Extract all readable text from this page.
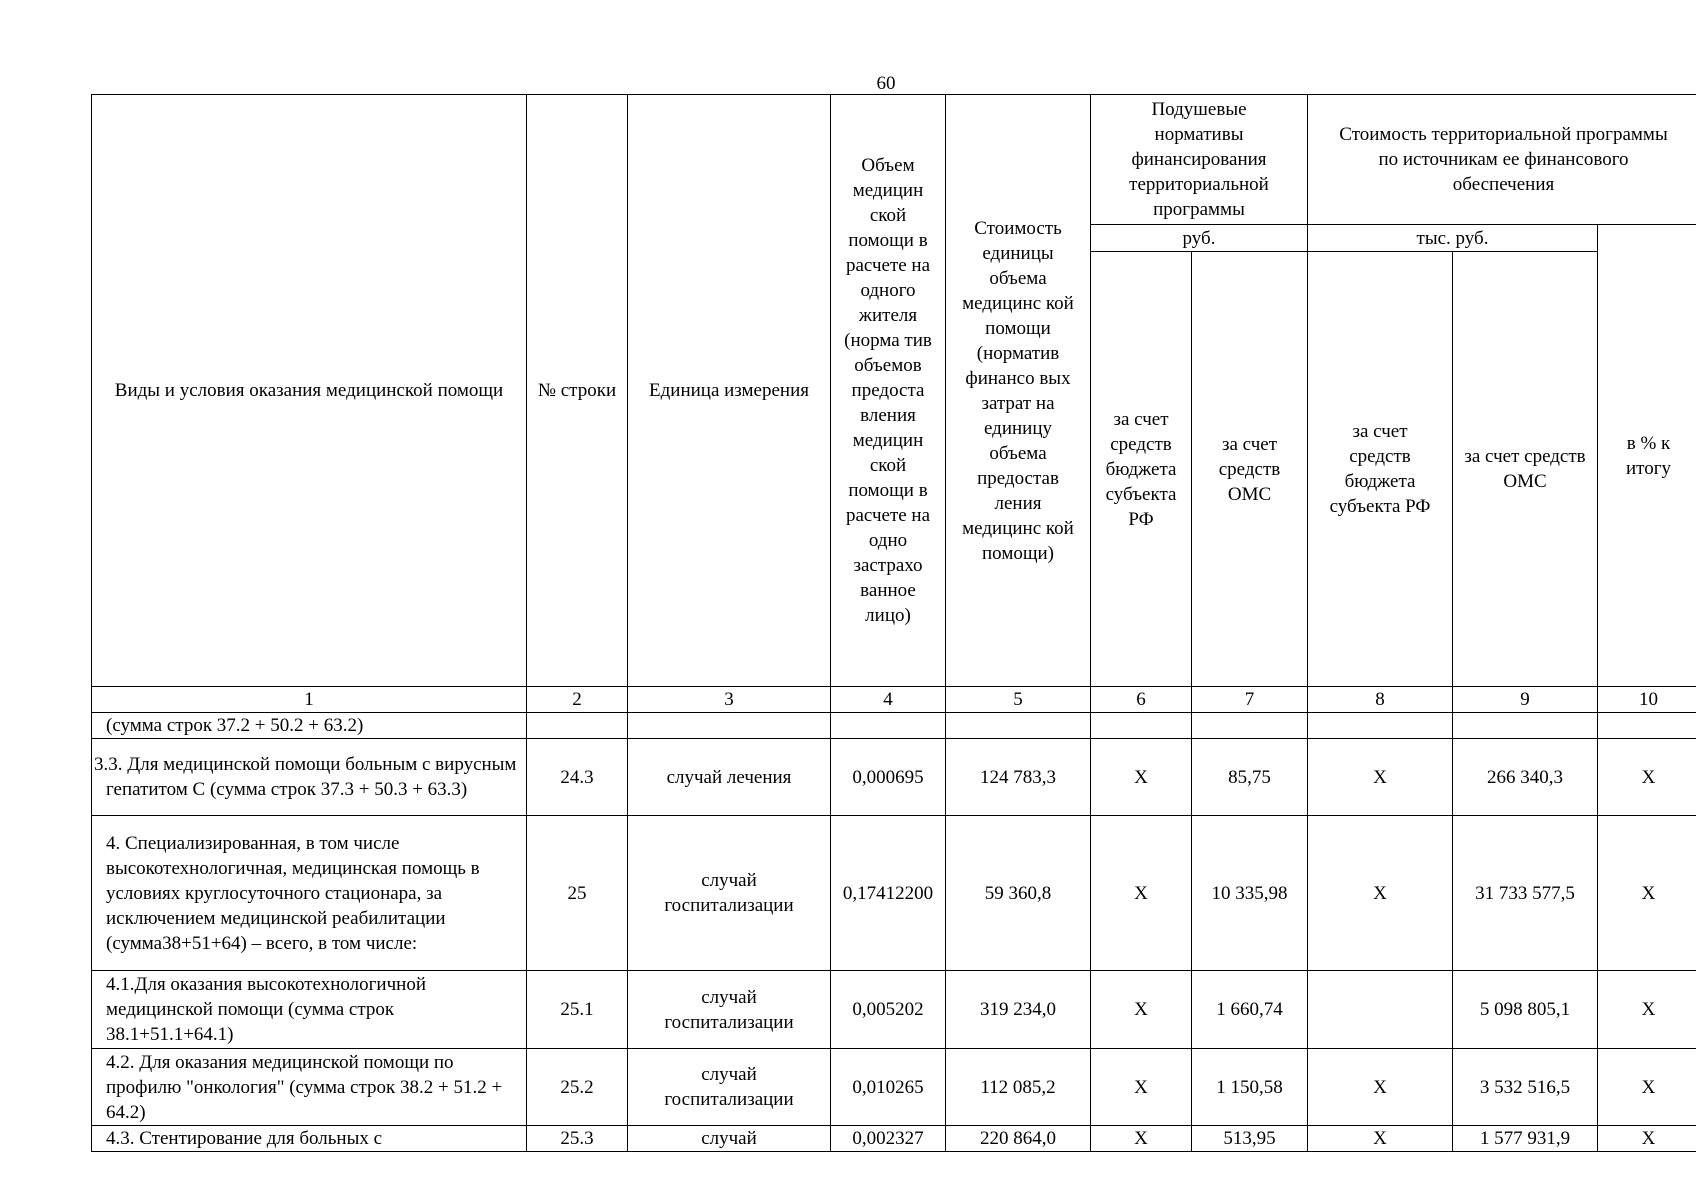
60
Виды и условия оказания медицинской помощи	№ строки	Единица измерения	Объем медицин ской помощи в расчете на одного жителя (норма тив объемов предоста вления медицин ской помощи в расчете на одно застрахо ванное лицо)	Стоимость единицы объема медицинс кой помощи (норматив финансо вых затрат на единицу объема предостав ления медицинс кой помощи)	Подушевые нормативы финансирования территориальной программы		Стоимость территориальной программы по источникам ее финансового обеспечения		
					руб.		тыс. руб.		в % к итогу
					за счет средств бюджета субъекта РФ	за счет средств ОМС	за счет средств бюджета субъекта РФ	за счет средств ОМС	
1	2	3	4	5	6	7	8	9	10
(сумма строк 37.2 + 50.2 + 63.2)									
3.3. Для медицинской помощи больным с вирусным гепатитом С (сумма строк 37.3 + 50.3 + 63.3)	24.3	случай лечения	0,000695	124 783,3	Х	85,75	Х	266 340,3	Х
4. Специализированная, в том числе высокотехнологичная, медицинская помощь в условиях круглосуточного стационара, за исключением медицинской реабилитации (сумма38+51+64) – всего, в том числе:	25	случай госпитализации	0,17412200	59 360,8	Х	10 335,98	Х	31 733 577,5	Х
4.1.Для оказания высокотехнологичной медицинской помощи (сумма строк 38.1+51.1+64.1)	25.1	случай госпитализации	0,005202	319 234,0	Х	1 660,74		5 098 805,1	Х
4.2. Для оказания медицинской помощи по профилю "онкология" (сумма строк 38.2 + 51.2 + 64.2)	25.2	случай госпитализации	0,010265	112 085,2	Х	1 150,58	Х	3 532 516,5	Х
4.3. Стентирование для больных с	25.3	случай	0,002327	220 864,0	Х	513,95	Х	1 577 931,9	Х
